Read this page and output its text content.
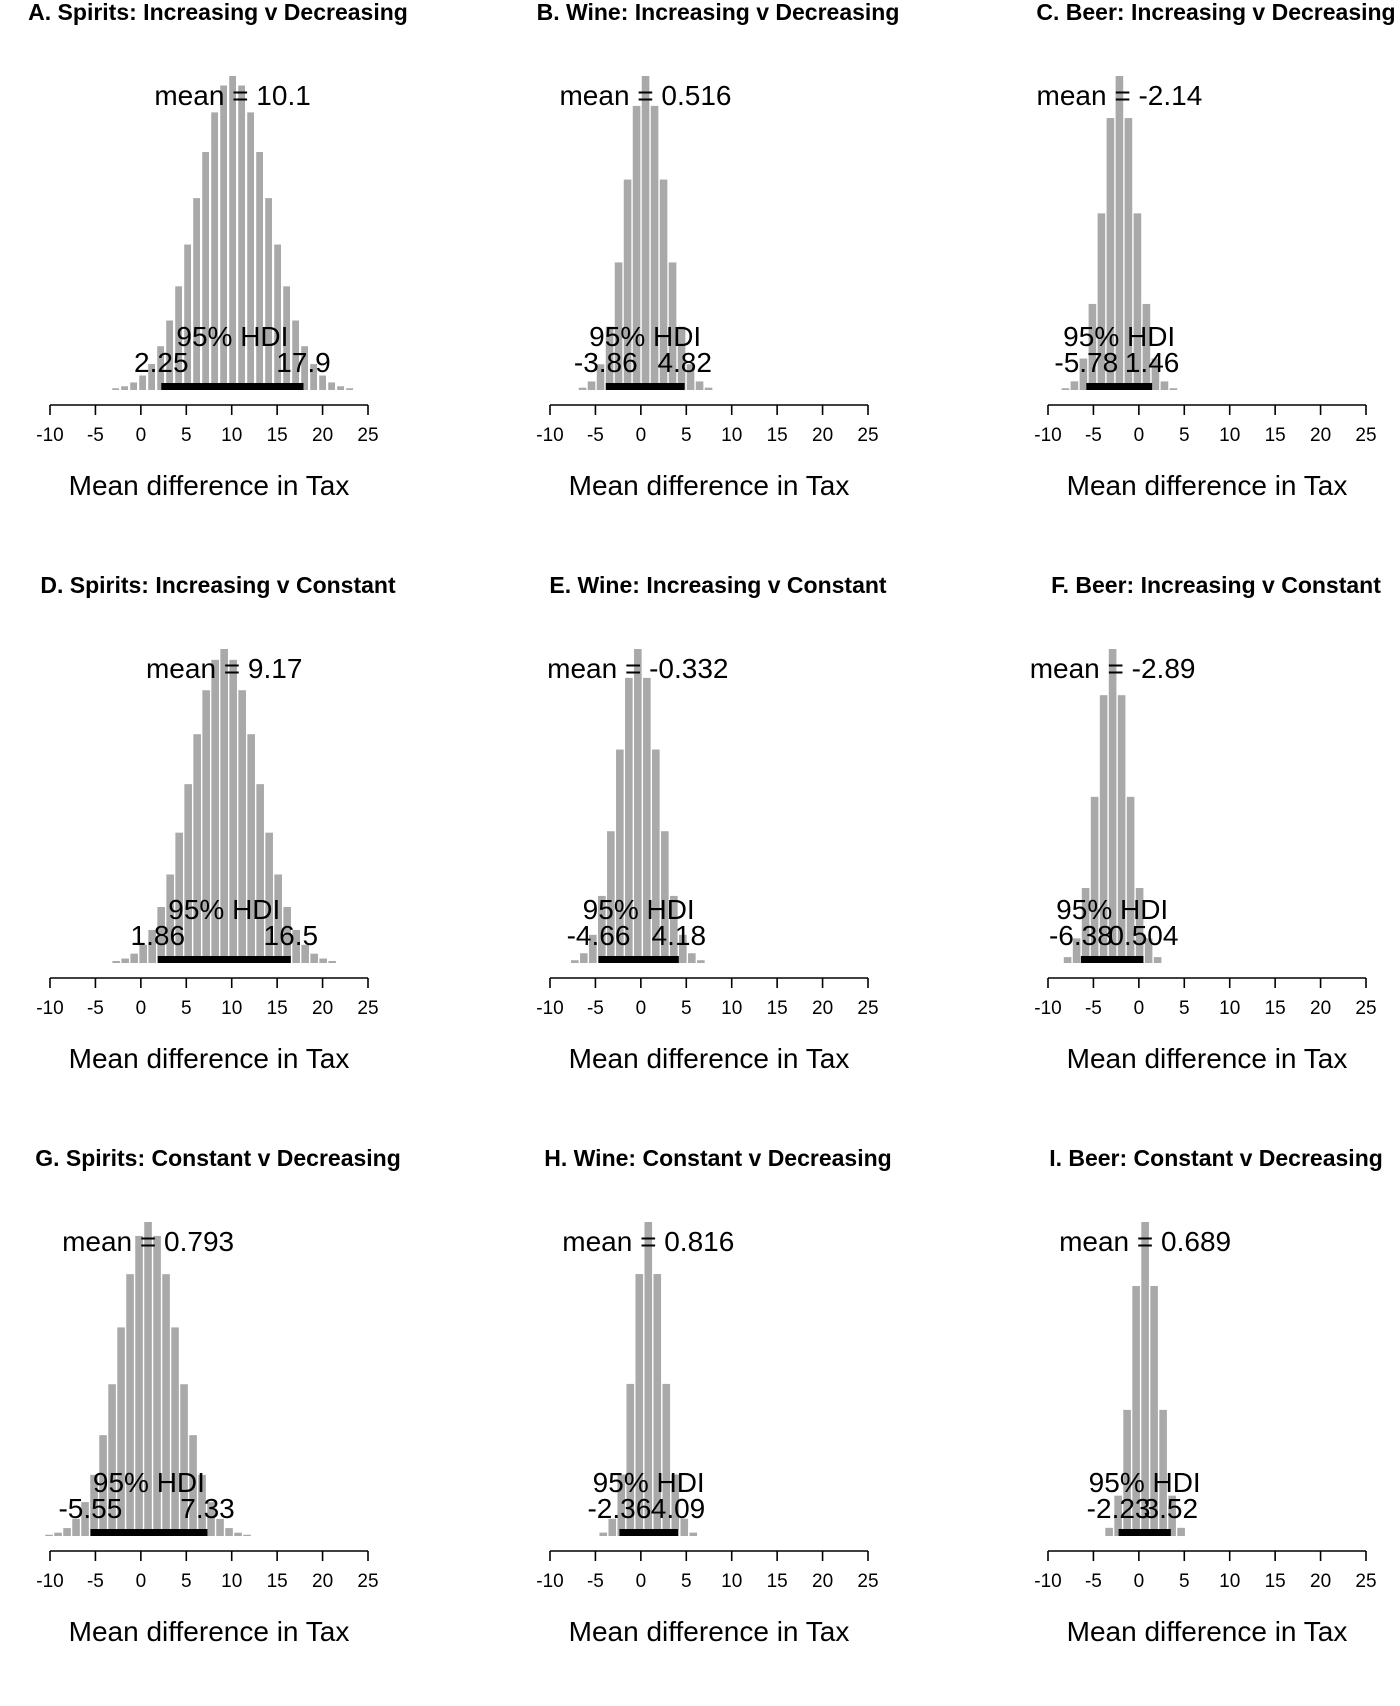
A. Spirits: Increasing v Decreasing
mean = 10.1
95% HDI
2.25	17.9
-10 -5 0 5 10 15 20 25
Mean difference in Tax
B. Wine: Increasing v Decreasing
mean = 0.516
95% HDI
-3.86 4.82
-10 -5 0 5 10 15 20 25
Mean difference in Tax
C. Beer: Increasing v Decreasing
mean = -2.14
95% HDI
-5.78 1.46
-10 -5 0 5 10 15 20 25
Mean difference in Tax
D. Spirits: Increasing v Constant
mean = 9.17
95% HDI
1.86	16.5
-10 -5 0 5 10 15 20 25
Mean difference in Tax
E. Wine: Increasing v Constant
mean = -0.332
95% HDI
-4.66 4.18
-10 -5 0 5 10 15 20 25
Mean difference in Tax
F. Beer: Increasing v Constant
mean = -2.89
95% HDI
-6.38
0.504
-10 -5 0 5 10 15 20 25
Mean difference in Tax
G. Spirits: Constant v Decreasing
mean = 0.793
95% HDI
-5.55 7.33
-10 -5 0 5 10 15 20 25
Mean difference in Tax
H. Wine: Constant v Decreasing
mean = 0.816
95% HDI
-2.36 4.09
-10 -5 0 5 10 15 20 25
Mean difference in Tax
I. Beer: Constant v Decreasing
mean = 0.689
95% HDI
-2.23
3.52
-10 -5 0 5 10 15 20 25
Mean difference in Tax
